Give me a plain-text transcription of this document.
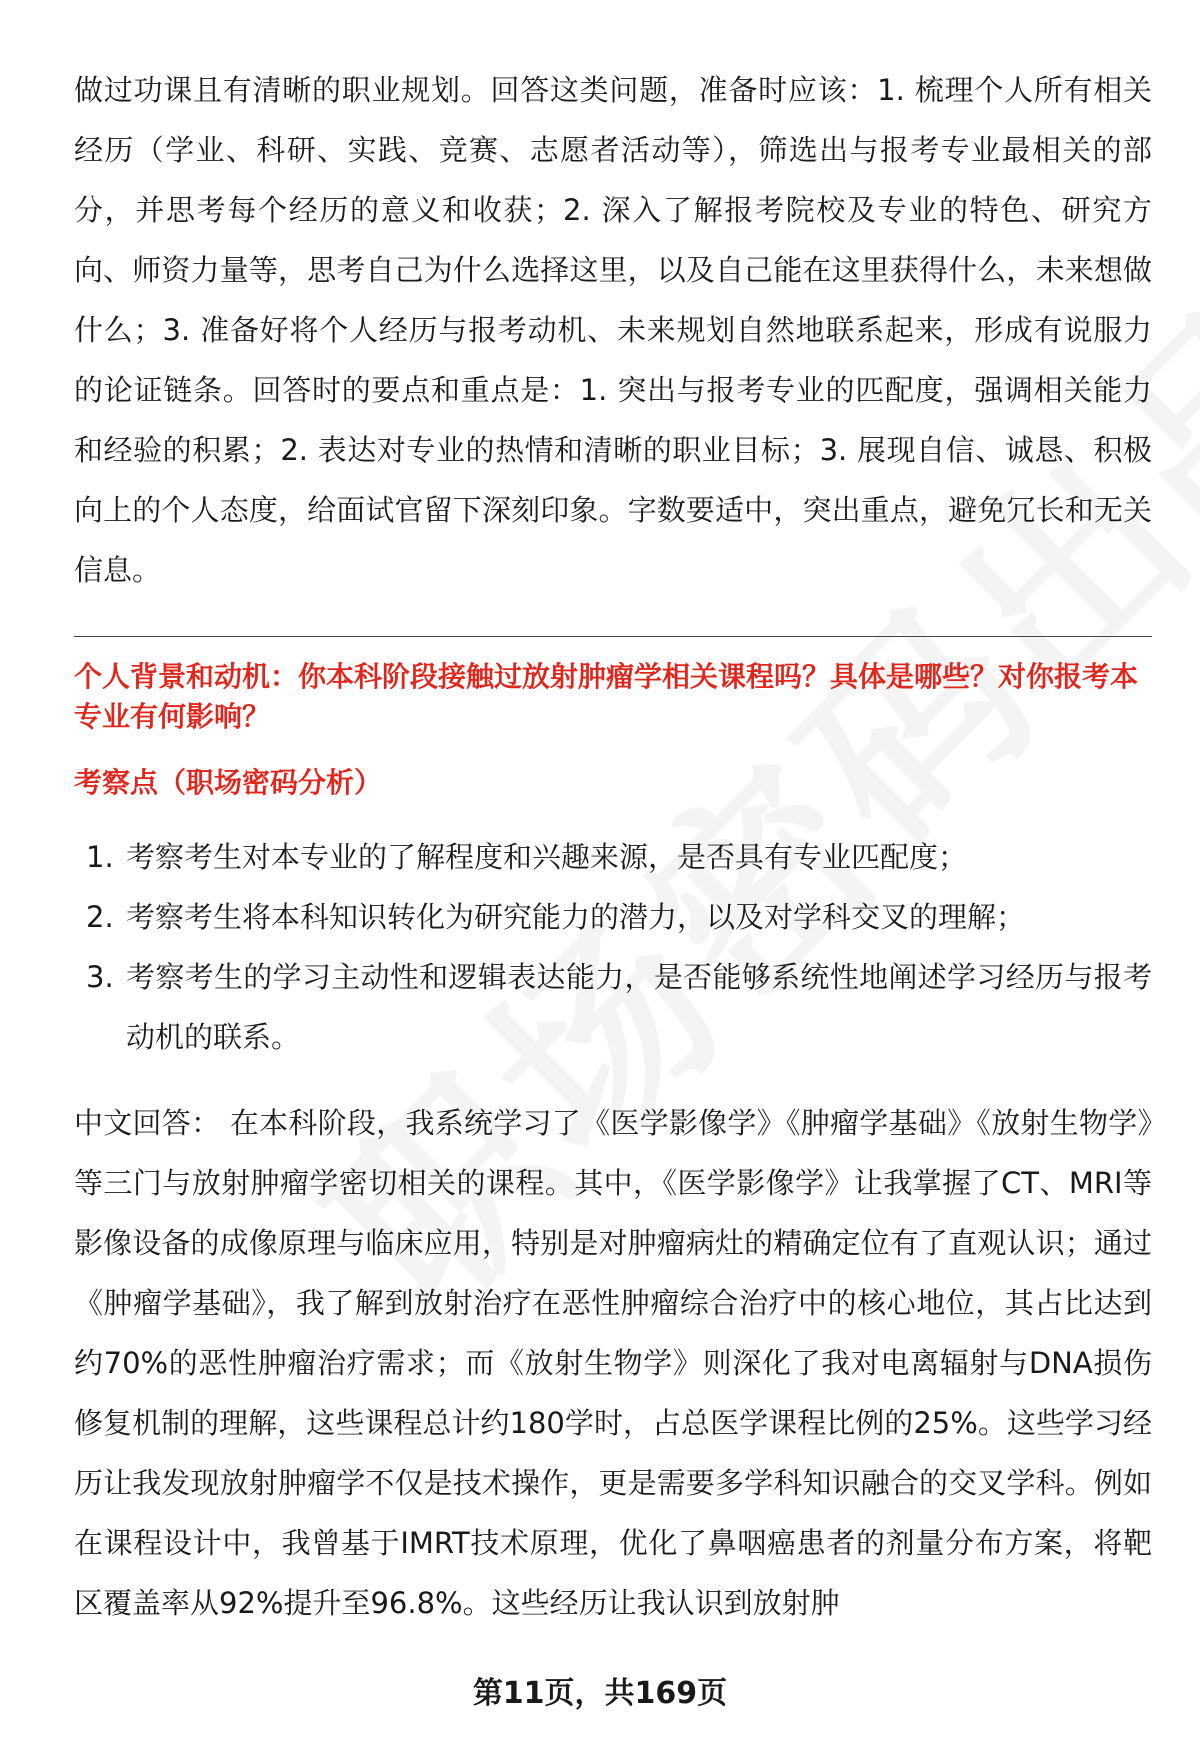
做过功课且有清晰的职业规划。回答这类问题，准备时应该：1. 梳理个人所有相关经历（学业、科研、实践、竞赛、志愿者活动等），筛选出与报考专业最相关的部分，并思考每个经历的意义和收获；2. 深入了解报考院校及专业的特色、研究方向、师资力量等，思考自己为什么选择这里，以及自己能在这里获得什么，未来想做什么；3. 准备好将个人经历与报考动机、未来规划自然地联系起来，形成有说服力的论证链条。回答时的要点和重点是：1. 突出与报考专业的匹配度，强调相关能力和经验的积累；2. 表达对专业的热情和清晰的职业目标；3. 展现自信、诚恳、积极向上的个人态度，给面试官留下深刻印象。字数要适中，突出重点，避免冗长和无关信息。

个人背景和动机：你本科阶段接触过放射肿瘤学相关课程吗？具体是哪些？对你报考本专业有何影响？

考察点（职场密码分析）

1. 考察考生对本专业的了解程度和兴趣来源，是否具有专业匹配度；
2. 考察考生将本科知识转化为研究能力的潜力，以及对学科交叉的理解；
3. 考察考生的学习主动性和逻辑表达能力，是否能够系统性地阐述学习经历与报考动机的联系。

中文回答： 在本科阶段，我系统学习了《医学影像学》《肿瘤学基础》《放射生物学》等三门与放射肿瘤学密切相关的课程。其中，《医学影像学》让我掌握了CT、MRI等影像设备的成像原理与临床应用，特别是对肿瘤病灶的精确定位有了直观认识；通过《肿瘤学基础》，我了解到放射治疗在恶性肿瘤综合治疗中的核心地位，其占比达到约70%的恶性肿瘤治疗需求；而《放射生物学》则深化了我对电离辐射与DNA损伤修复机制的理解，这些课程总计约180学时，占总医学课程比例的25%。这些学习经历让我发现放射肿瘤学不仅是技术操作，更是需要多学科知识融合的交叉学科。例如在课程设计中，我曾基于IMRT技术原理，优化了鼻咽癌患者的剂量分布方案，将靶区覆盖率从92%提升至96.8%。这些经历让我认识到放射肿

第11页，共169页
